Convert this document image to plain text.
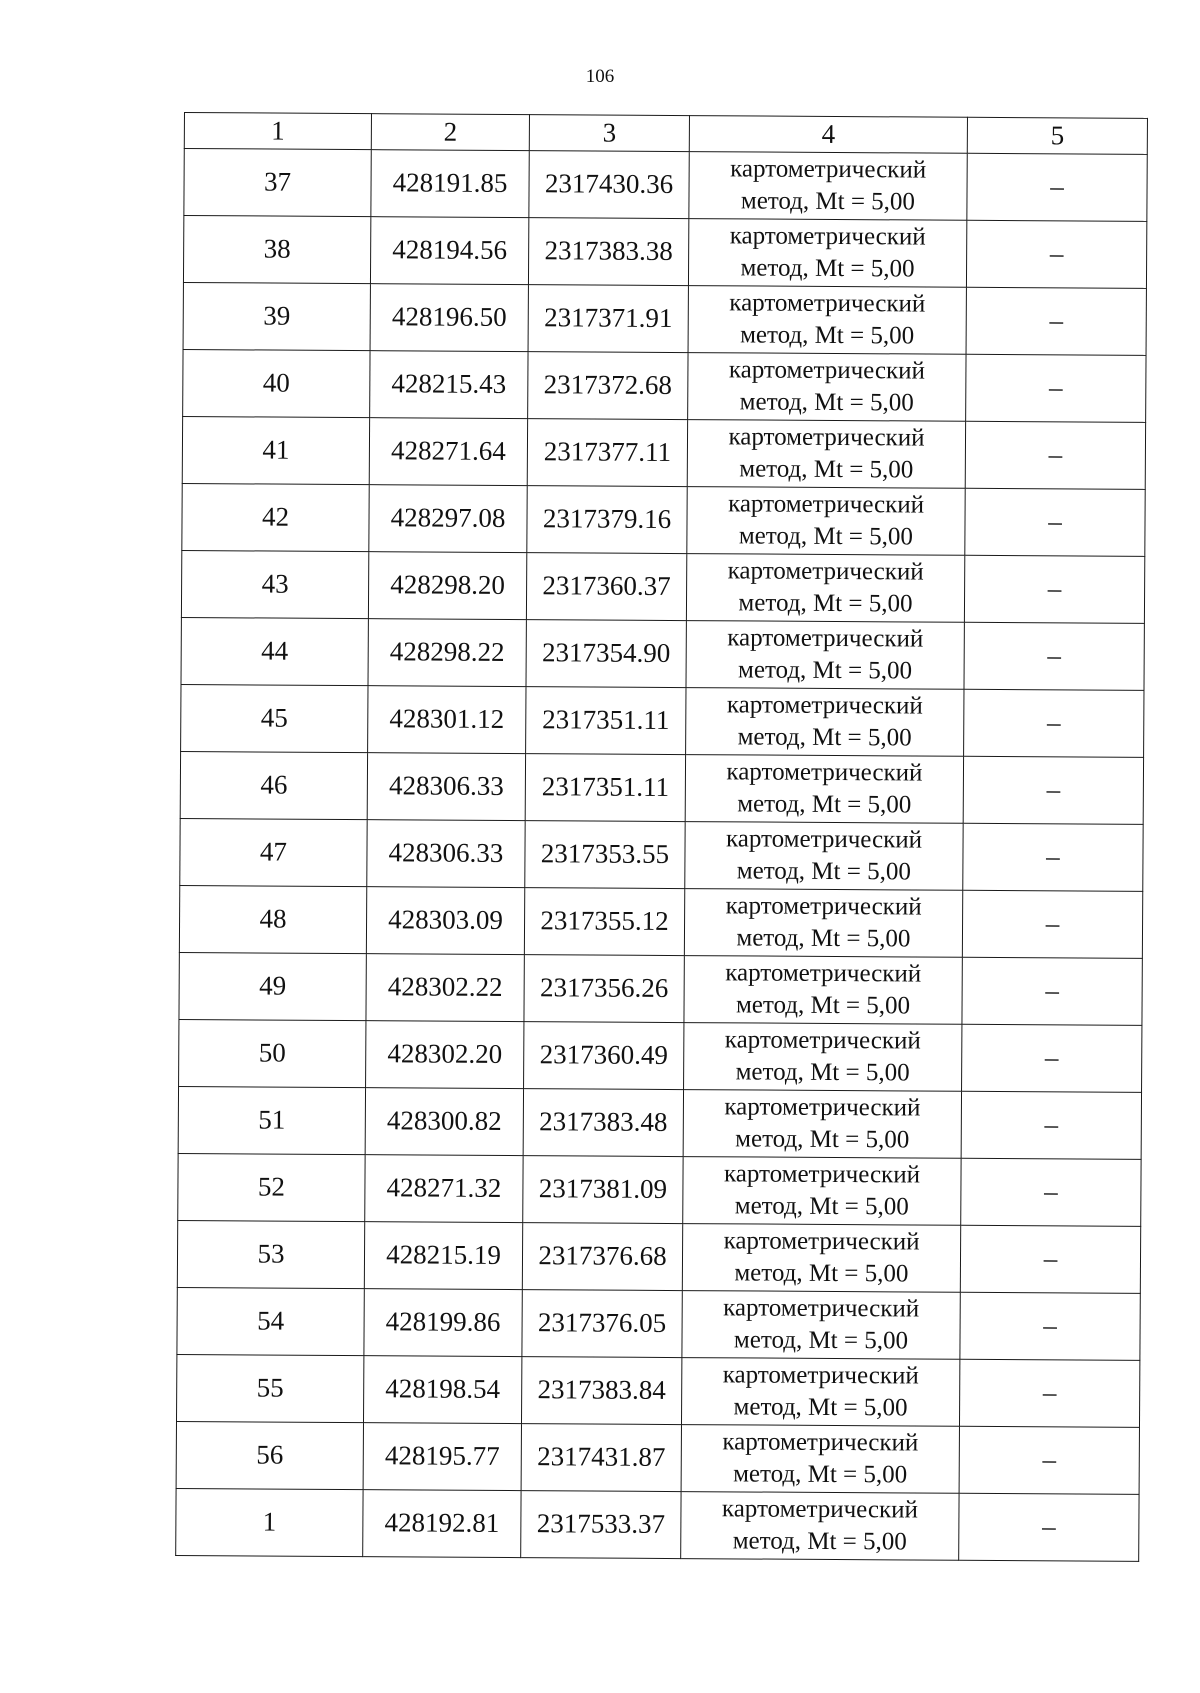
106
1	2	3	4	5
37	428191.85	2317430.36	картометрический
метод, Mt = 5,00	–
38	428194.56	2317383.38	картометрический
метод, Mt = 5,00	–
39	428196.50	2317371.91	картометрический
метод, Mt = 5,00	–
40	428215.43	2317372.68	картометрический
метод, Mt = 5,00	–
41	428271.64	2317377.11	картометрический
метод, Mt = 5,00	–
42	428297.08	2317379.16	картометрический
метод, Mt = 5,00	–
43	428298.20	2317360.37	картометрический
метод, Mt = 5,00	–
44	428298.22	2317354.90	картометрический
метод, Mt = 5,00	–
45	428301.12	2317351.11	картометрический
метод, Mt = 5,00	–
46	428306.33	2317351.11	картометрический
метод, Mt = 5,00	–
47	428306.33	2317353.55	картометрический
метод, Mt = 5,00	–
48	428303.09	2317355.12	картометрический
метод, Mt = 5,00	–
49	428302.22	2317356.26	картометрический
метод, Mt = 5,00	–
50	428302.20	2317360.49	картометрический
метод, Mt = 5,00	–
51	428300.82	2317383.48	картометрический
метод, Mt = 5,00	–
52	428271.32	2317381.09	картометрический
метод, Mt = 5,00	–
53	428215.19	2317376.68	картометрический
метод, Mt = 5,00	–
54	428199.86	2317376.05	картометрический
метод, Mt = 5,00	–
55	428198.54	2317383.84	картометрический
метод, Mt = 5,00	–
56	428195.77	2317431.87	картометрический
метод, Mt = 5,00	–
1	428192.81	2317533.37	картометрический
метод, Mt = 5,00	–
